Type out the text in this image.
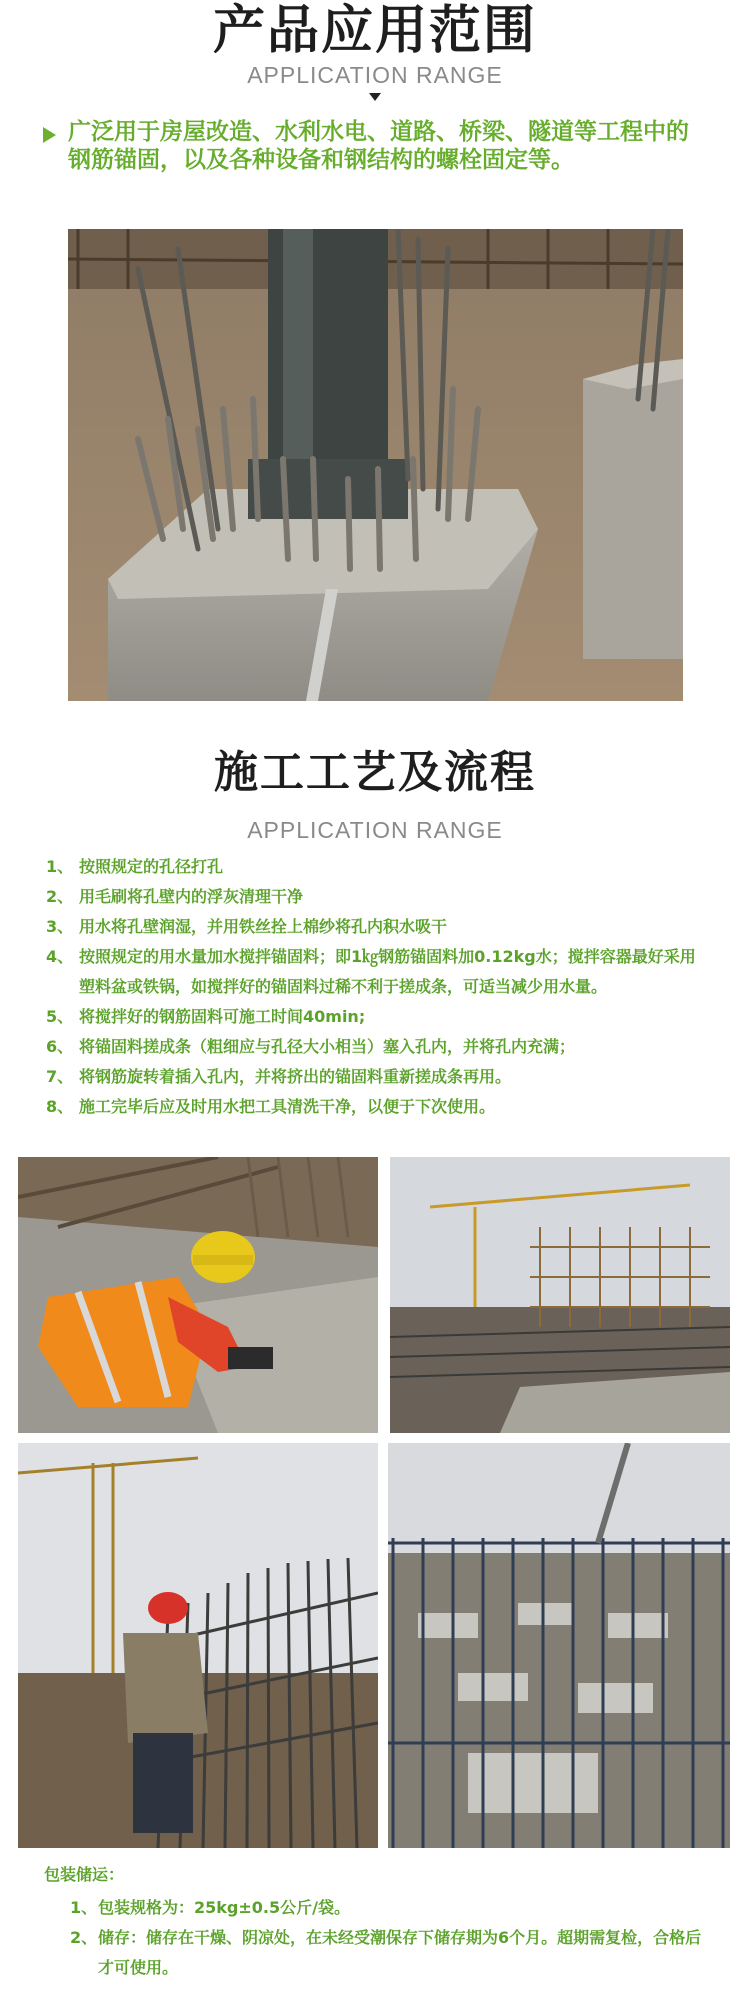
产品应用范围
APPLICATION RANGE
广泛用于房屋改造、水利水电、道路、桥梁、隧道等工程中的钢筋锚固，以及各种设备和钢结构的螺栓固定等。
施工工艺及流程
APPLICATION RANGE
1、 按照规定的孔径打孔
2、 用毛刷将孔壁内的浮灰清理干净
3、 用水将孔壁润湿，并用铁丝拴上棉纱将孔内积水吸干
4、 按照规定的用水量加水搅拌锚固料；即1㎏钢筋锚固料加0.12kg水；搅拌容器最好采用塑料盆或铁锅，如搅拌好的锚固料过稀不利于搓成条，可适当减少用水量。
5、 将搅拌好的钢筋固料可施工时间40min;
6、 将锚固料搓成条（粗细应与孔径大小相当）塞入孔内，并将孔内充满；
7、 将钢筋旋转着插入孔内，并将挤出的锚固料重新搓成条再用。
8、 施工完毕后应及时用水把工具清洗干净，以便于下次使用。
包装储运：
1、 包装规格为：25kg±0.5公斤/袋。
2、 储存：储存在干燥、阴凉处，在未经受潮保存下储存期为6个月。超期需复检，合格后才可使用。
